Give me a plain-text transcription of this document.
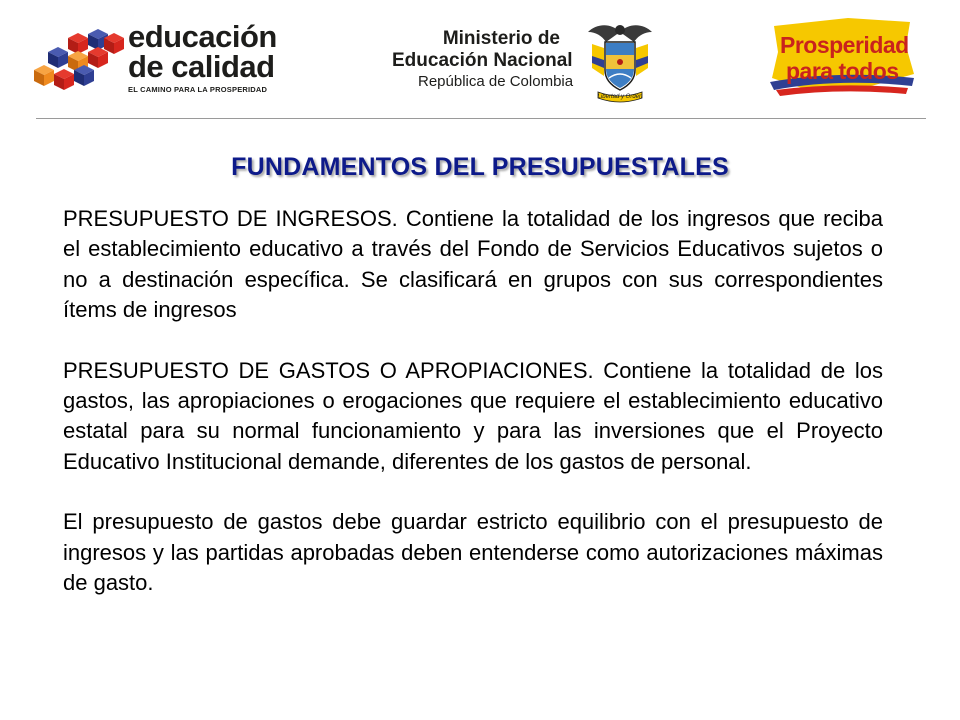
educación
de calidad
EL CAMINO PARA LA PROSPERIDAD
Ministerio de
Educación Nacional
República de Colombia
Libertad y Orden
Prosperidad
para todos
FUNDAMENTOS DEL PRESUPUESTALES

PRESUPUESTO DE INGRESOS. Contiene la totalidad de los ingresos que reciba el establecimiento educativo a través del Fondo de Servicios Educativos sujetos o no a destinación específica. Se clasificará en grupos con sus correspondientes ítems de ingresos

PRESUPUESTO DE GASTOS O APROPIACIONES. Contiene la totalidad de los gastos, las apropiaciones o erogaciones que requiere el establecimiento educativo estatal para su normal funcionamiento y para las inversiones que el Proyecto Educativo Institucional demande, diferentes de los gastos de personal.

El presupuesto de gastos debe guardar estricto equilibrio con el presupuesto de ingresos y las partidas aprobadas deben entenderse como autorizaciones máximas de gasto.
